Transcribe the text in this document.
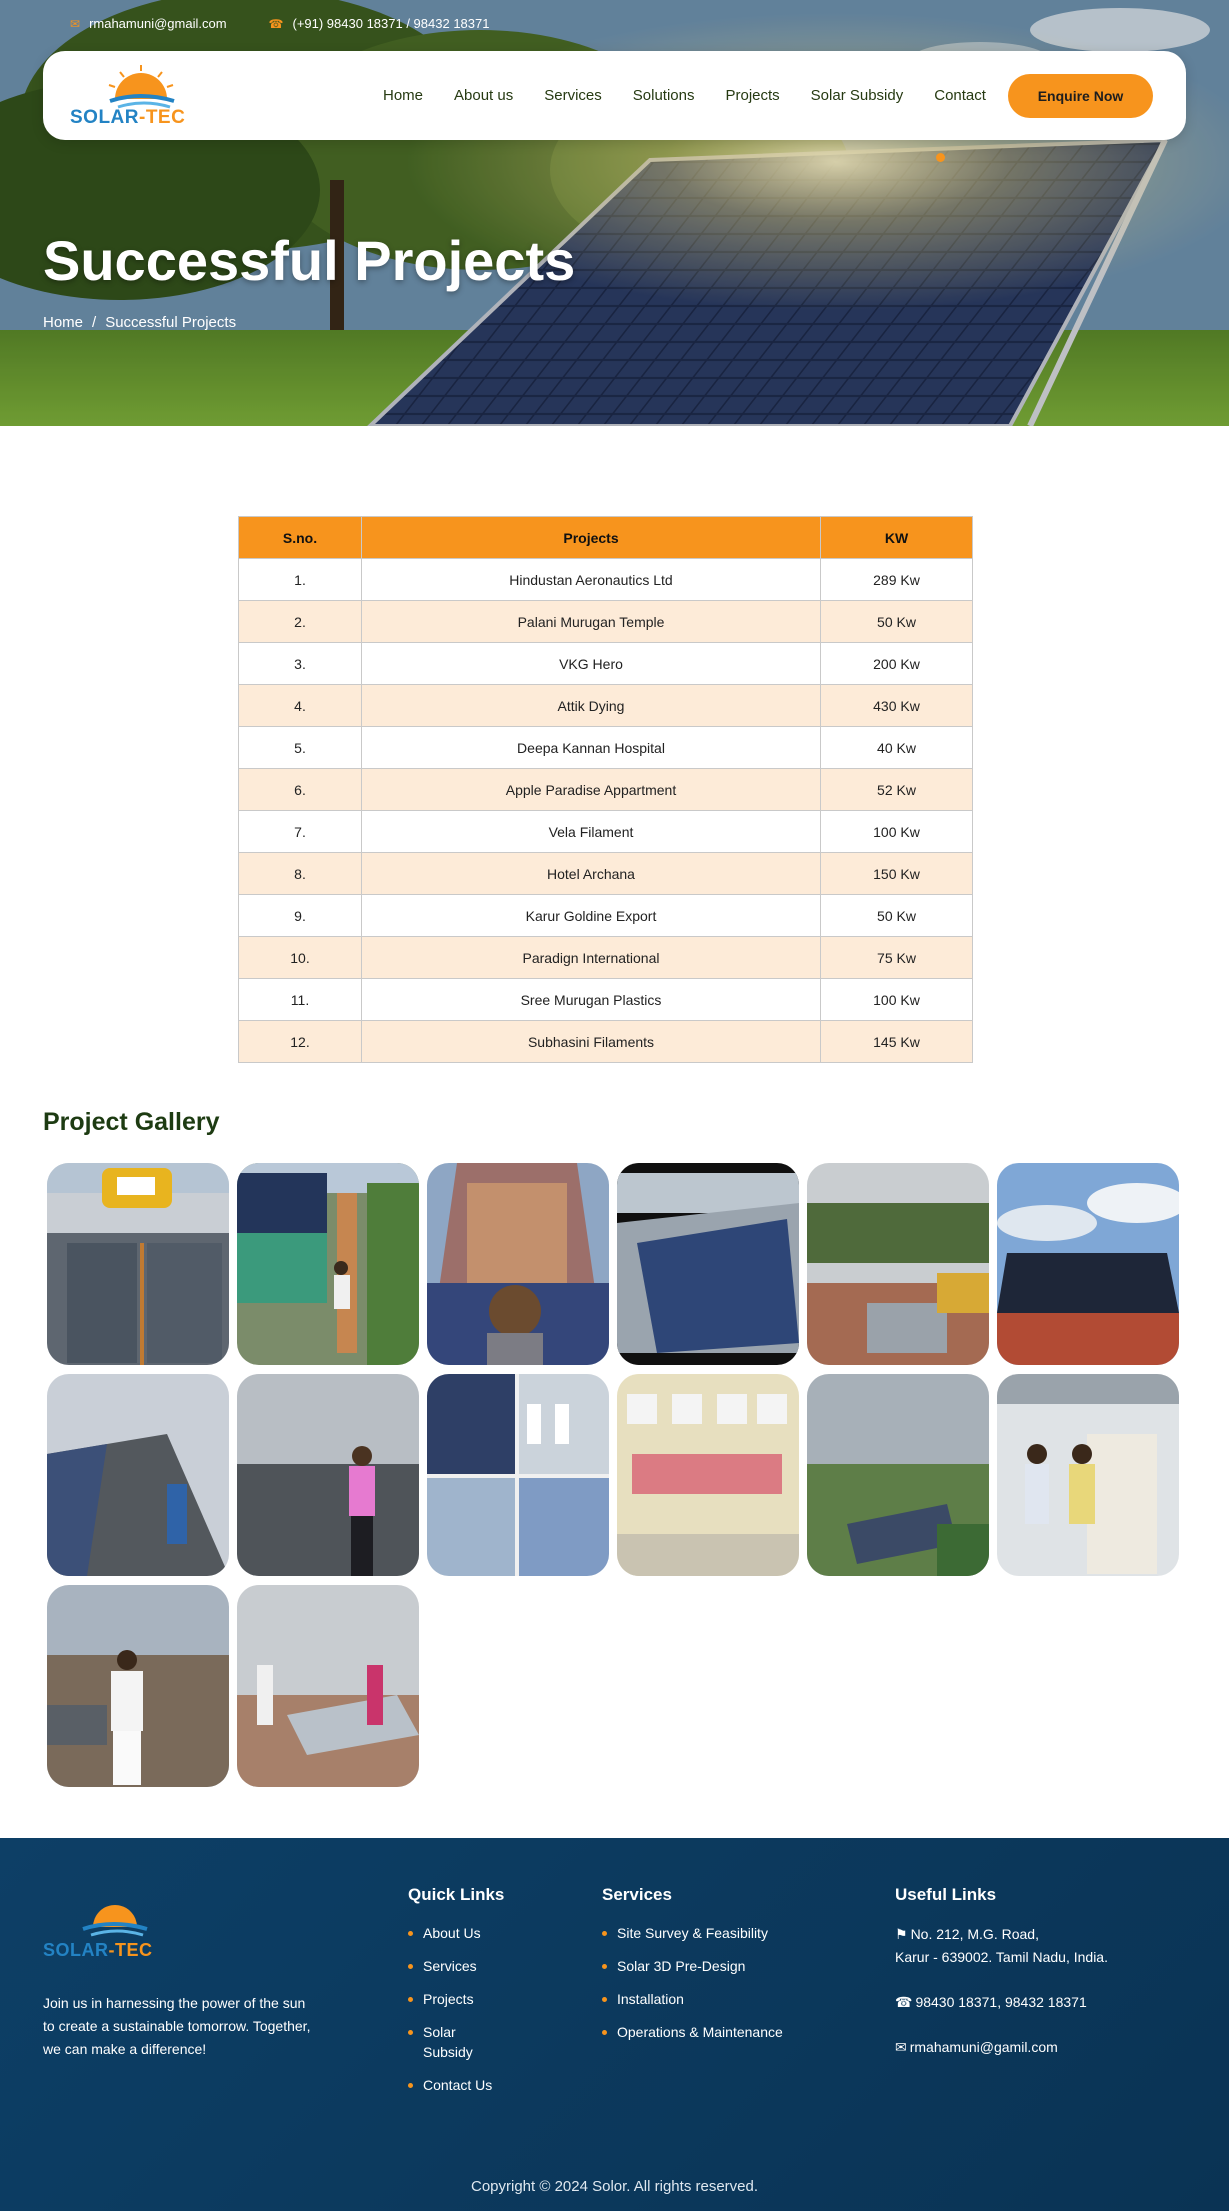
✉ rmahamuni@gmail.com	☎ (+91) 98430 18371 / 98432 18371
SOLAR-TEC
Home About us Services Solutions Projects Solar Subsidy Contact	Enquire Now
Successful Projects
Home / Successful Projects
S.no.	Projects	KW
1.	Hindustan Aeronautics Ltd	289 Kw
2.	Palani Murugan Temple	50 Kw
3.	VKG Hero	200 Kw
4.	Attik Dying	430 Kw
5.	Deepa Kannan Hospital	40 Kw
6.	Apple Paradise Appartment	52 Kw
7.	Vela Filament	100 Kw
8.	Hotel Archana	150 Kw
9.	Karur Goldine Export	50 Kw
10.	Paradign International	75 Kw
11.	Sree Murugan Plastics	100 Kw
12.	Subhasini Filaments	145 Kw
Project Gallery
SOLAR-TEC

Join us in harnessing the power of the sun to create a sustainable tomorrow. Together, we can make a difference!

Quick Links
About Us
Services
Projects
Solar Subsidy
Contact Us
Services
Site Survey & Feasibility
Solar 3D Pre-Design
Installation
Operations & Maintenance
Useful Links

⚑ No. 212, M.G. Road,
Karur - 639002. Tamil Nadu, India.

☎ 98430 18371, 98432 18371

✉ rmahamuni@gamil.com

Copyright © 2024 Solor. All rights reserved.
